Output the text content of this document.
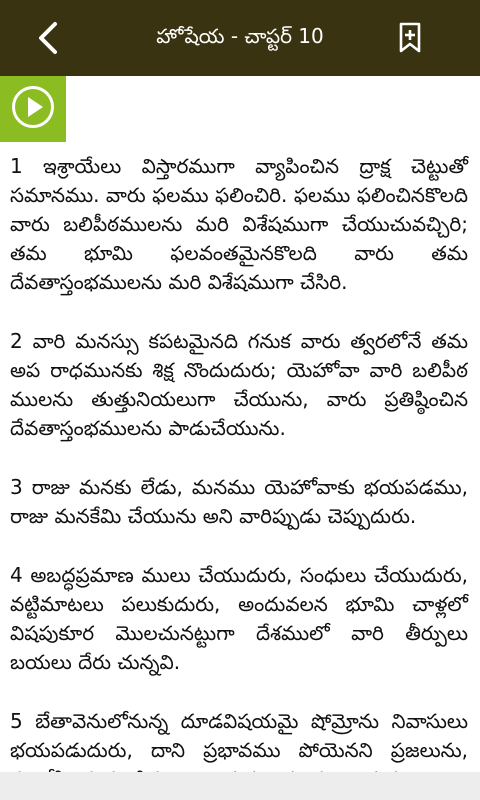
హోషేయ - చాప్టర్ 10

1 ఇశ్రాయేలు విస్తారముగా వ్యాపించిన ద్రాక్ష చెట్టుతో సమానము. వారు ఫలము ఫలించిరి. ఫలము ఫలించినకొలది వారు బలిపీఠములను మరి విశేషముగా చేయుచువచ్చిరి; తమ భూమి ఫలవంతమైనకొలది వారు తమ దేవతాస్తంభములను మరి విశేషముగా చేసిరి.

2 వారి మనస్సు కపటమైనది గనుక వారు త్వరలోనే తమ అప రాధమునకు శిక్ష నొందుదురు; యెహోవా వారి బలిపీఠ ములను తుత్తునియలుగా చేయును, వారు ప్రతిష్ఠించిన దేవతాస్తంభములను పాడుచేయును.

3 రాజు మనకు లేడు, మనము యెహోవాకు భయపడము, రాజు మనకేమి చేయును అని వారిప్పుడు చెప్పుదురు.

4 అబద్ధప్రమాణ ములు చేయుదురు, సంధులు చేయుదురు, వట్టిమాటలు పలుకుదురు, అందువలన భూమి చాళ్లలో విషపుకూర మొలచునట్టుగా దేశములో వారి తీర్పులు బయలు దేరు చున్నవి.

5 బేతావెనులోనున్న దూడవిషయమై షోమ్రోను నివాసులు భయపడుదురు, దాని ప్రభావము పోయెనని ప్రజలును,
